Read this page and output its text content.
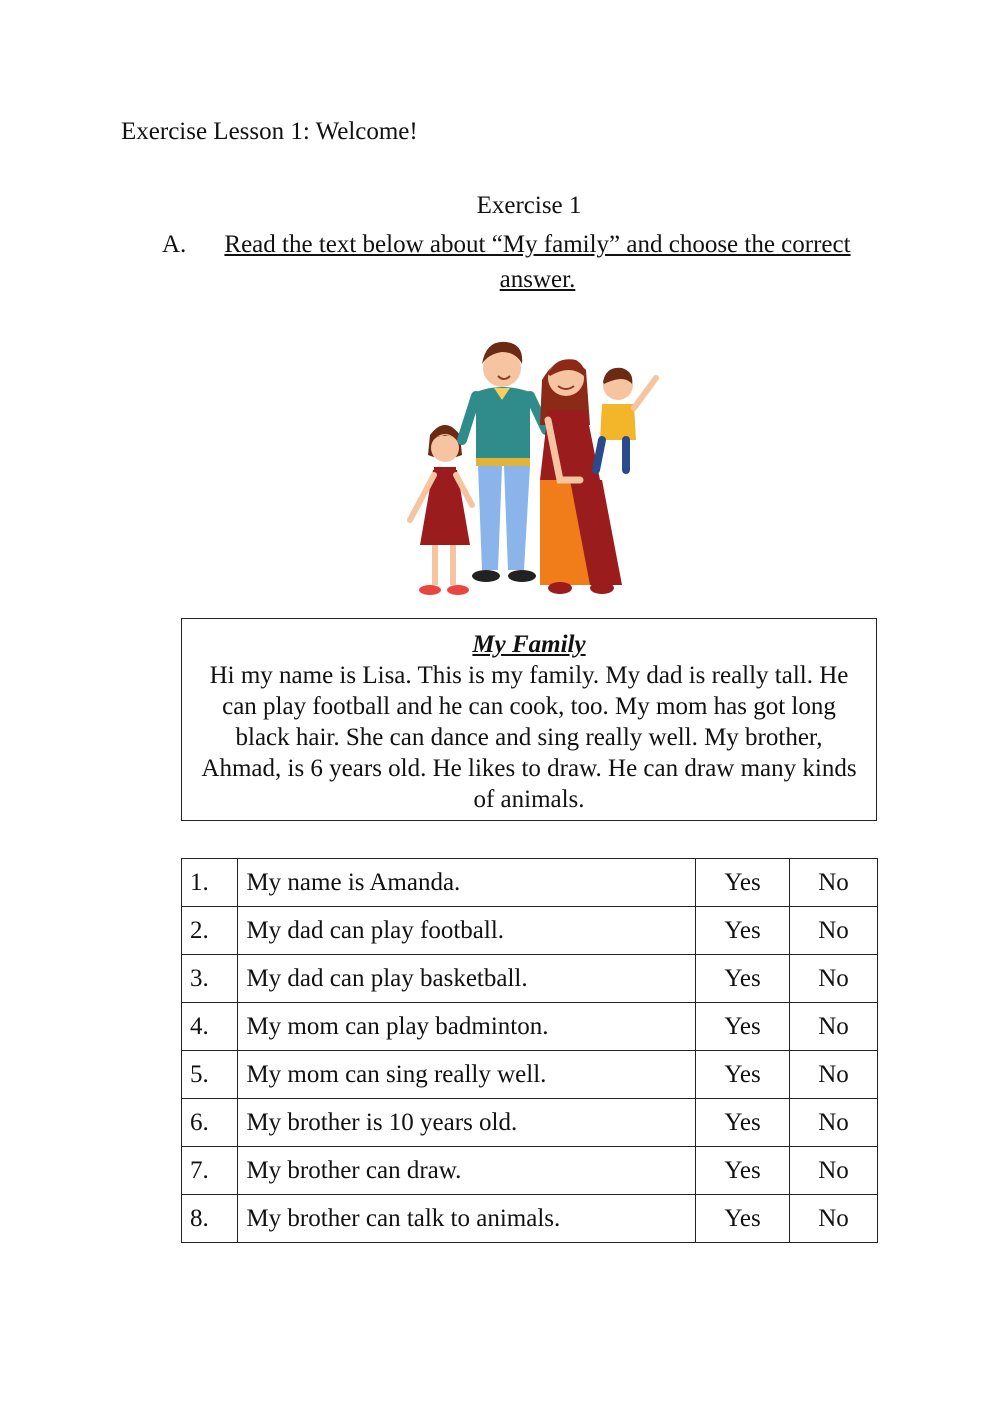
Exercise Lesson 1: Welcome!
Exercise 1
A.	Read the text below about “My family” and choose the correct answer.
My Family
Hi my name is Lisa. This is my family. My dad is really tall. He can play football and he can cook, too. My mom has got long black hair. She can dance and sing really well. My brother, Ahmad, is 6 years old. He likes to draw. He can draw many kinds of animals.
1.	My name is Amanda.	Yes	No
2.	My dad can play football.	Yes	No
3.	My dad can play basketball.	Yes	No
4.	My mom can play badminton.	Yes	No
5.	My mom can sing really well.	Yes	No
6.	My brother is 10 years old.	Yes	No
7.	My brother can draw.	Yes	No
8.	My brother can talk to animals.	Yes	No
